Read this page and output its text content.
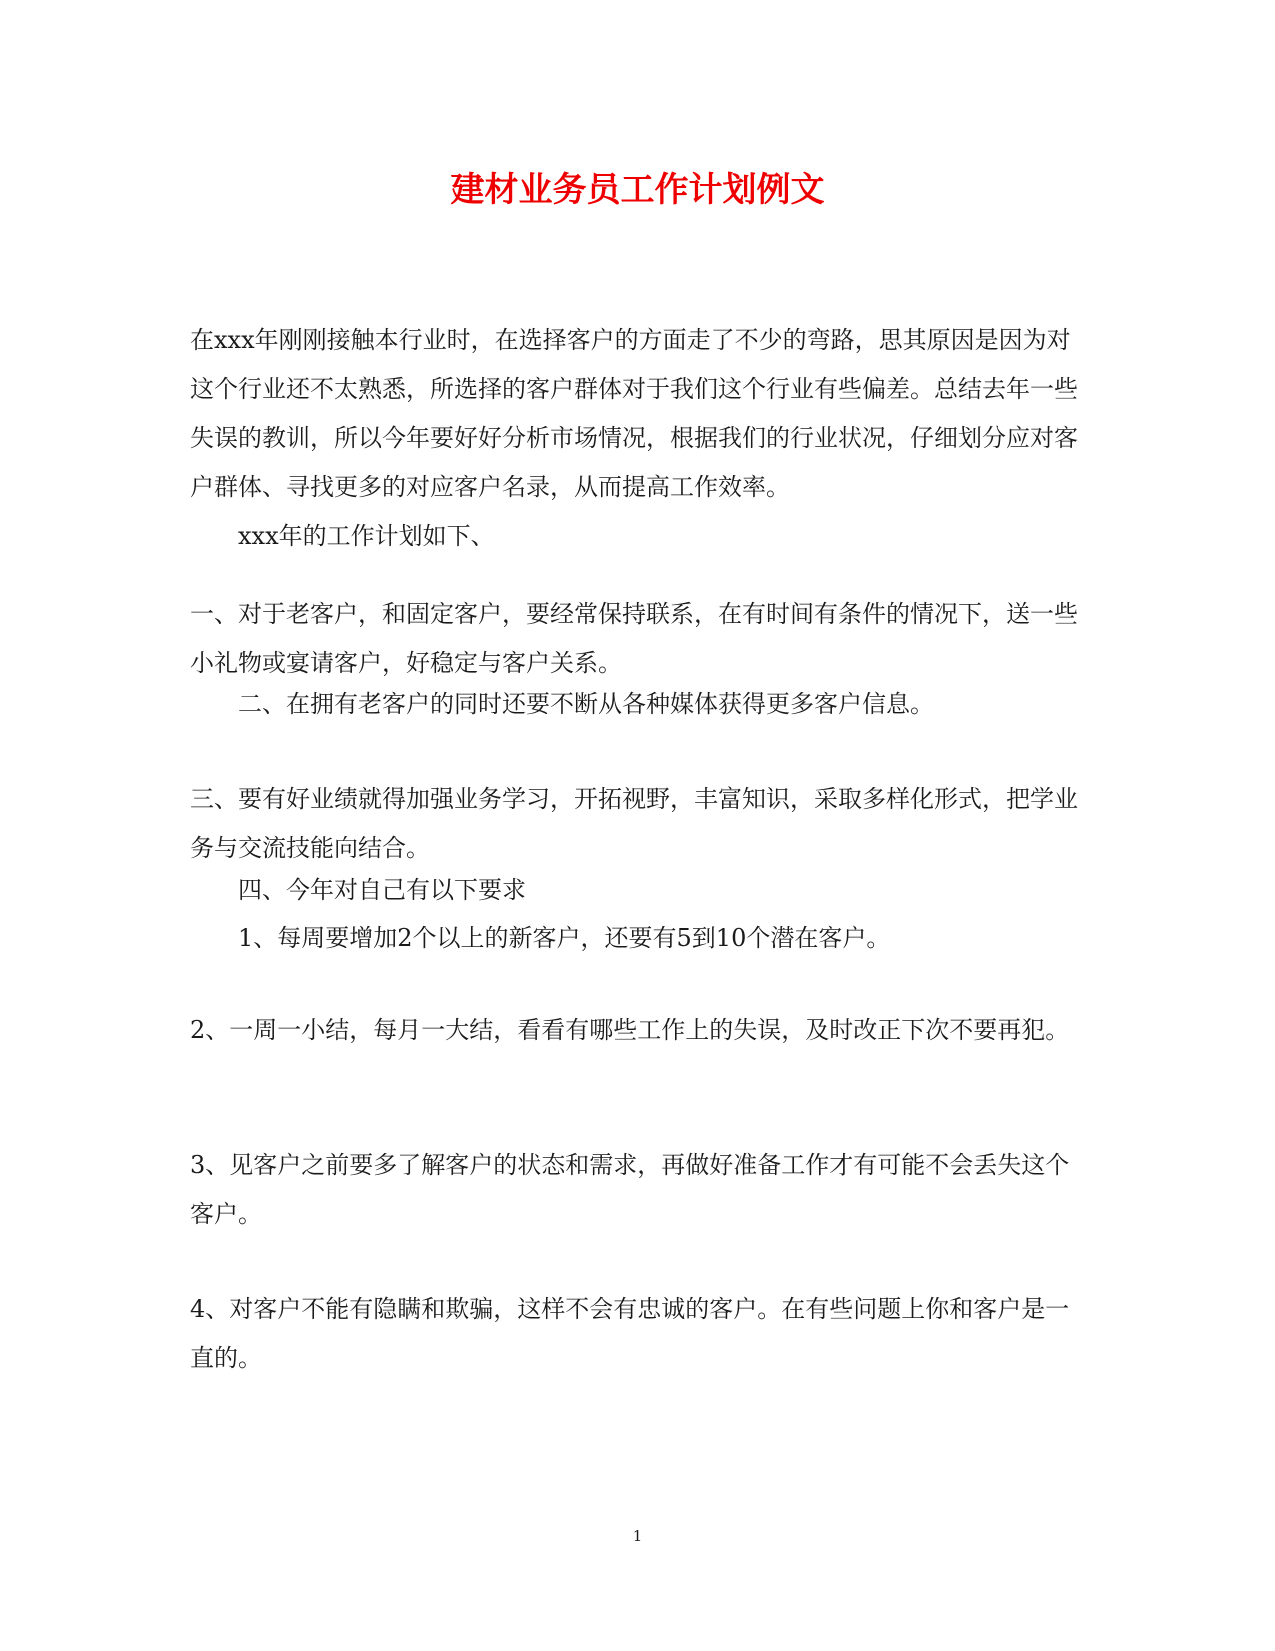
建材业务员工作计划例文

在xxx年刚刚接触本行业时，在选择客户的方面走了不少的弯路，思其原因是因为对这个行业还不太熟悉，所选择的客户群体对于我们这个行业有些偏差。总结去年一些失误的教训，所以今年要好好分析市场情况，根据我们的行业状况，仔细划分应对客户群体、寻找更多的对应客户名录，从而提高工作效率。

xxx年的工作计划如下、

一、对于老客户，和固定客户，要经常保持联系，在有时间有条件的情况下，送一些小礼物或宴请客户，好稳定与客户关系。

二、在拥有老客户的同时还要不断从各种媒体获得更多客户信息。

三、要有好业绩就得加强业务学习，开拓视野，丰富知识，采取多样化形式，把学业务与交流技能向结合。

四、今年对自己有以下要求

1、每周要增加2个以上的新客户，还要有5到10个潜在客户。

2、一周一小结，每月一大结，看看有哪些工作上的失误，及时改正下次不要再犯。

3、见客户之前要多了解客户的状态和需求，再做好准备工作才有可能不会丢失这个客户。

4、对客户不能有隐瞒和欺骗，这样不会有忠诚的客户。在有些问题上你和客户是一直的。

1
